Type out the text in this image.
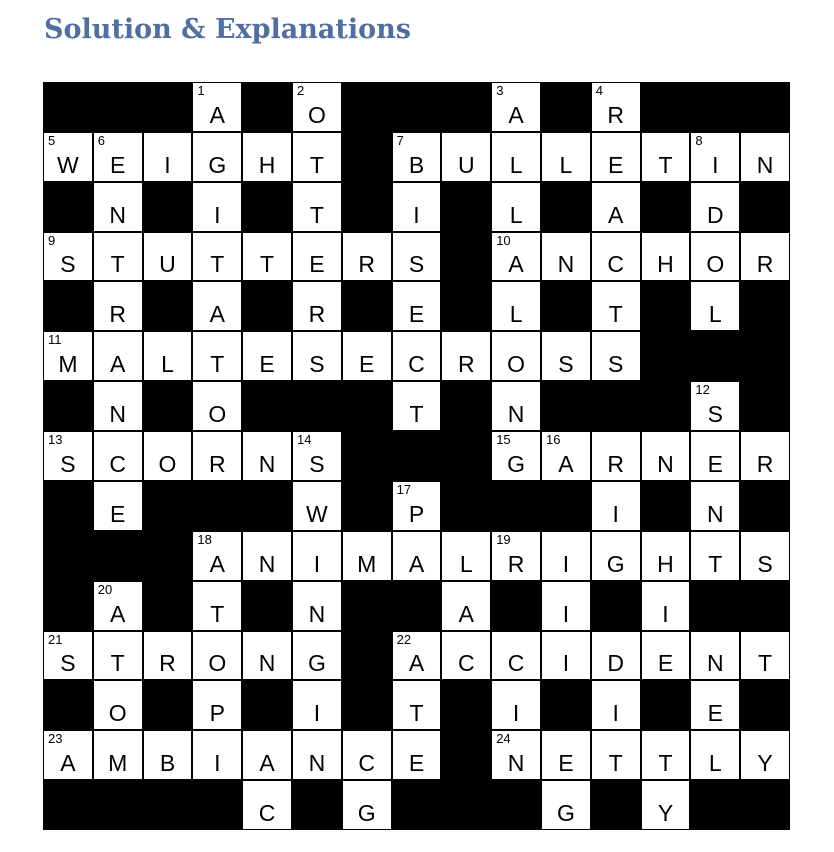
Solution & Explanations
1
A
2
O
3
A
4
R
5
W
6
E	I	G	H	T
7
B	U	L	L	E	T
8
I	N
N	I	T	I	L	A	D
9
S	T	U	T	T	E	R	S
10
A	N	C	H	O	R
R	A	R	E	L	T	L
11
M	A	L	T	E	S	E	C	R	O	S	S
N	O	T	N
12
S
13
S	C	O	R	N
14
S
15
G
16
A	R	N	E	R
E	W
17
P	I	N
18
A	N	I	M	A	L
19
R	I	G	H	T	S
20
A	T	N	A	I	I
21
S	T	R	O	N	G
22
A	C	C	I	D	E	N	T
O	P	I	T	I	I	E
23
A	M	B	I	A	N	C	E
24
N	E	T	T	L	Y
C	G	G	Y
